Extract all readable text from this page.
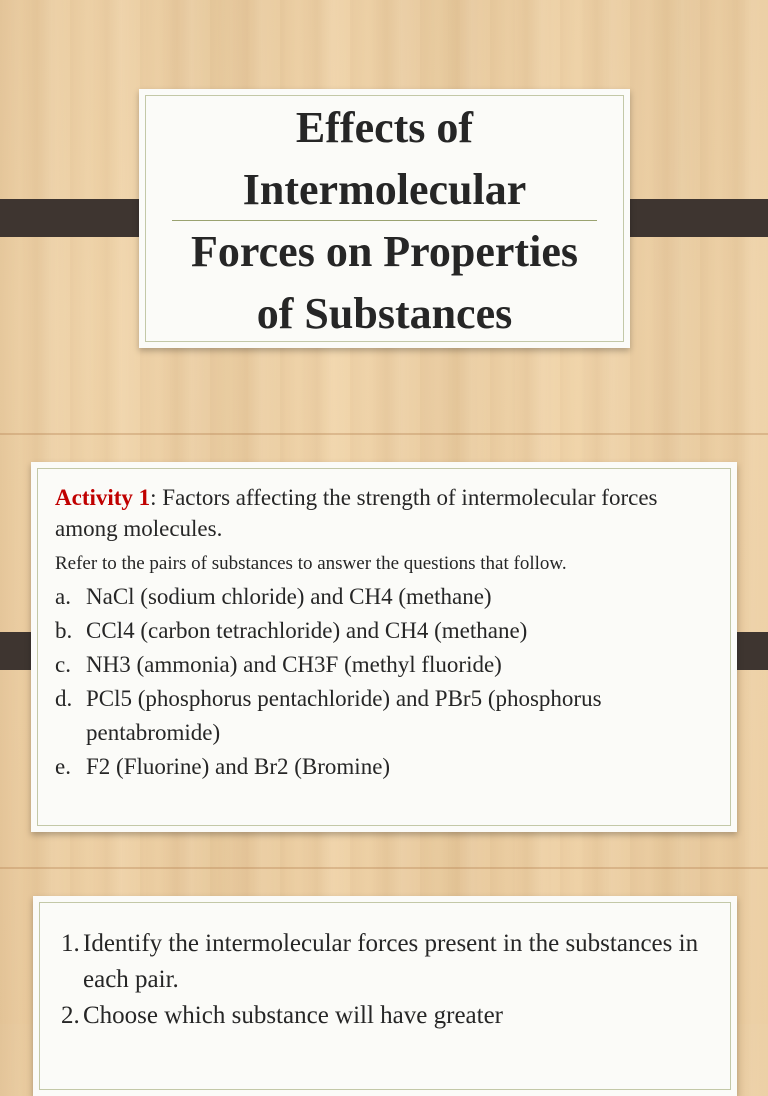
Effects of
Intermolecular
Forces on Properties
of Substances

Activity 1: Factors affecting the strength of intermolecular forces among molecules.

Refer to the pairs of substances to answer the questions that follow.

a. NaCl (sodium chloride) and CH4 (methane)
b. CCl4 (carbon tetrachloride) and CH4 (methane)
c. NH3 (ammonia) and CH3F (methyl fluoride)
d. PCl5 (phosphorus pentachloride) and PBr5 (phosphorus pentabromide)
e. F2 (Fluorine) and Br2 (Bromine)
1. Identify the intermolecular forces present in the substances in each pair.
2. Choose which substance will have greater
